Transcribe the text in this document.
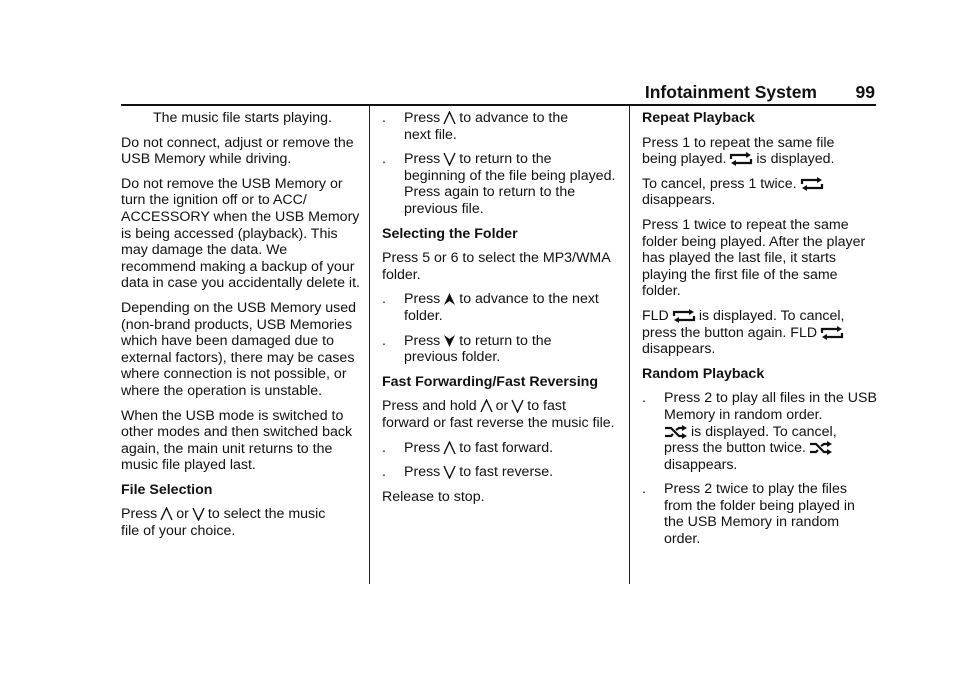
Infotainment System 99

The music file starts playing.

Do not connect, adjust or remove the USB Memory while driving.

Do not remove the USB Memory or turn the ignition off or to ACC/ ACCESSORY when the USB Memory is being accessed (playback). This may damage the data. We recommend making a backup of your data in case you accidentally delete it.

Depending on the USB Memory used (non-brand products, USB Memories which have been damaged due to external factors), there may be cases where connection is not possible, or where the operation is unstable.

When the USB mode is switched to other modes and then switched back again, the main unit returns to the music file played last.

File Selection

Press or to select the music
file of your choice.

. Press to advance to the
next file.

. Press to return to the
beginning of the file being played. Press again to return to the previous file.

Selecting the Folder

Press 5 or 6 to select the MP3/WMA folder.

. Press to advance to the next
folder.

. Press to return to the
previous folder.

Fast Forwarding/Fast Reversing

Press and hold or to fast
forward or fast reverse the music file.

. Press to fast forward.

. Press to fast reverse.

Release to stop.

Repeat Playback

Press 1 to repeat the same file
being played. is displayed.

To cancel, press 1 twice.

disappears.

Press 1 twice to repeat the same folder being played. After the player has played the last file, it starts playing the first file of the same folder.

FLD is displayed. To cancel,
press the button again. FLD

disappears.

Random Playback

. Press 2 to play all files in the USB Memory in random order.

is displayed. To cancel,
press the button twice.

disappears.

. Press 2 twice to play the files from the folder being played in the USB Memory in random order.
